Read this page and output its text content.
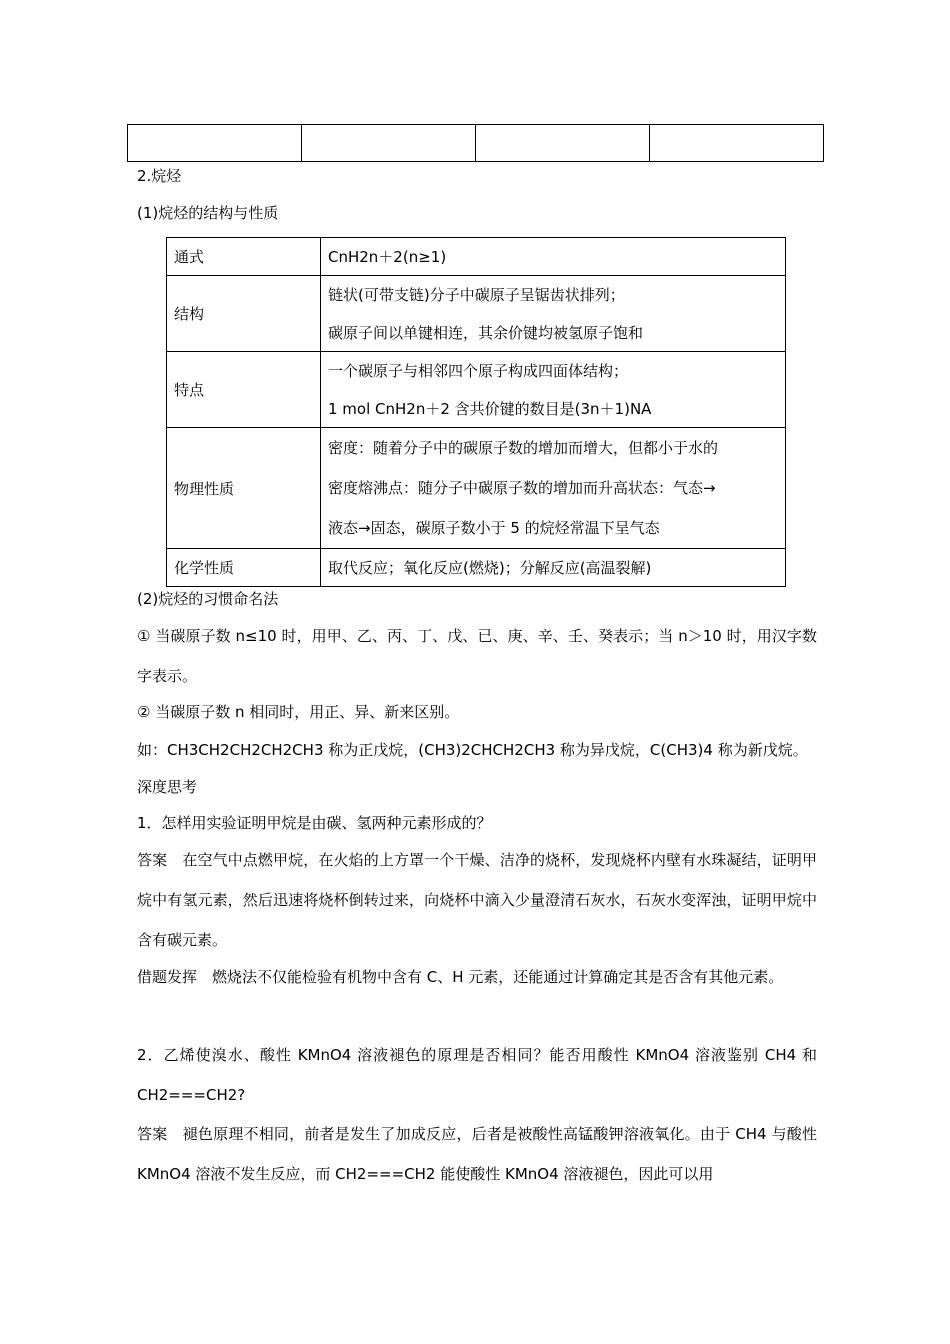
2.烷烃
(1)烷烃的结构与性质
通式	CnH2n＋2(n≥1)
结构	链状(可带支链)分子中碳原子呈锯齿状排列；
碳原子间以单键相连，其余价键均被氢原子饱和

特点	一个碳原子与相邻四个原子构成四面体结构；
1 mol CnH2n＋2 含共价键的数目是(3n＋1)NA

物理性质	密度：随着分子中的碳原子数的增加而增大，但都小于水的
密度熔沸点：随分子中碳原子数的增加而升高状态：气态→
液态→固态，碳原子数小于 5 的烷烃常温下呈气态

化学性质	取代反应；氧化反应(燃烧)；分解反应(高温裂解)
(2)烷烃的习惯命名法
① 当碳原子数 n≤10 时，用甲、乙、丙、丁、戊、已、庚、辛、壬、癸表示；当 n＞10 时，用汉字数字表示。
② 当碳原子数 n 相同时，用正、异、新来区别。
如：CH3CH2CH2CH2CH3 称为正戊烷，(CH3)2CHCH2CH3 称为异戊烷，C(CH3)4 称为新戊烷。
深度思考
1．怎样用实验证明甲烷是由碳、氢两种元素形成的？
答案　在空气中点燃甲烷，在火焰的上方罩一个干燥、洁净的烧杯，发现烧杯内壁有水珠凝结，证明甲烷中有氢元素，然后迅速将烧杯倒转过来，向烧杯中滴入少量澄清石灰水，石灰水变浑浊，证明甲烷中含有碳元素。
借题发挥　燃烧法不仅能检验有机物中含有 C、H 元素，还能通过计算确定其是否含有其他元素。
2．乙烯使溴水、酸性 KMnO4 溶液褪色的原理是否相同？能否用酸性 KMnO4 溶液鉴别 CH4 和 CH2===CH2?
答案　褪色原理不相同，前者是发生了加成反应，后者是被酸性高锰酸钾溶液氧化。由于 CH4 与酸性 KMnO4 溶液不发生反应，而 CH2===CH2 能使酸性 KMnO4 溶液褪色，因此可以用
